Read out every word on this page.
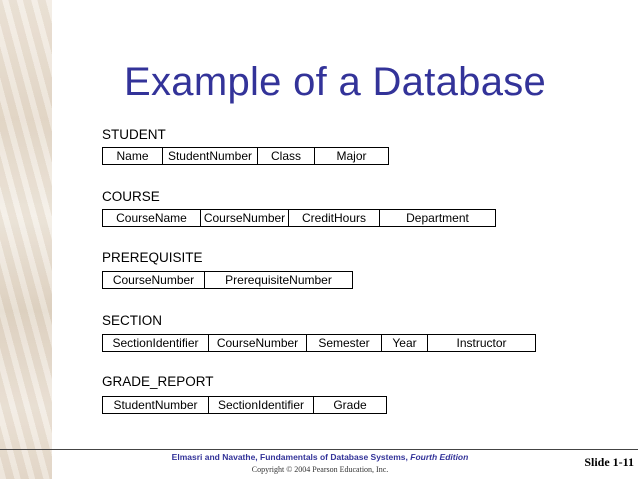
Example of a Database

STUDENT

Name	StudentNumber	Class	Major

COURSE

CourseName	CourseNumber	CreditHours	Department

PREREQUISITE

CourseNumber	PrerequisiteNumber

SECTION

SectionIdentifier	CourseNumber	Semester	Year	Instructor

GRADE_REPORT

StudentNumber	SectionIdentifier	Grade

Elmasri and Navathe, Fundamentals of Database Systems, Fourth Edition

Copyright © 2004 Pearson Education, Inc.

Slide 1-11
